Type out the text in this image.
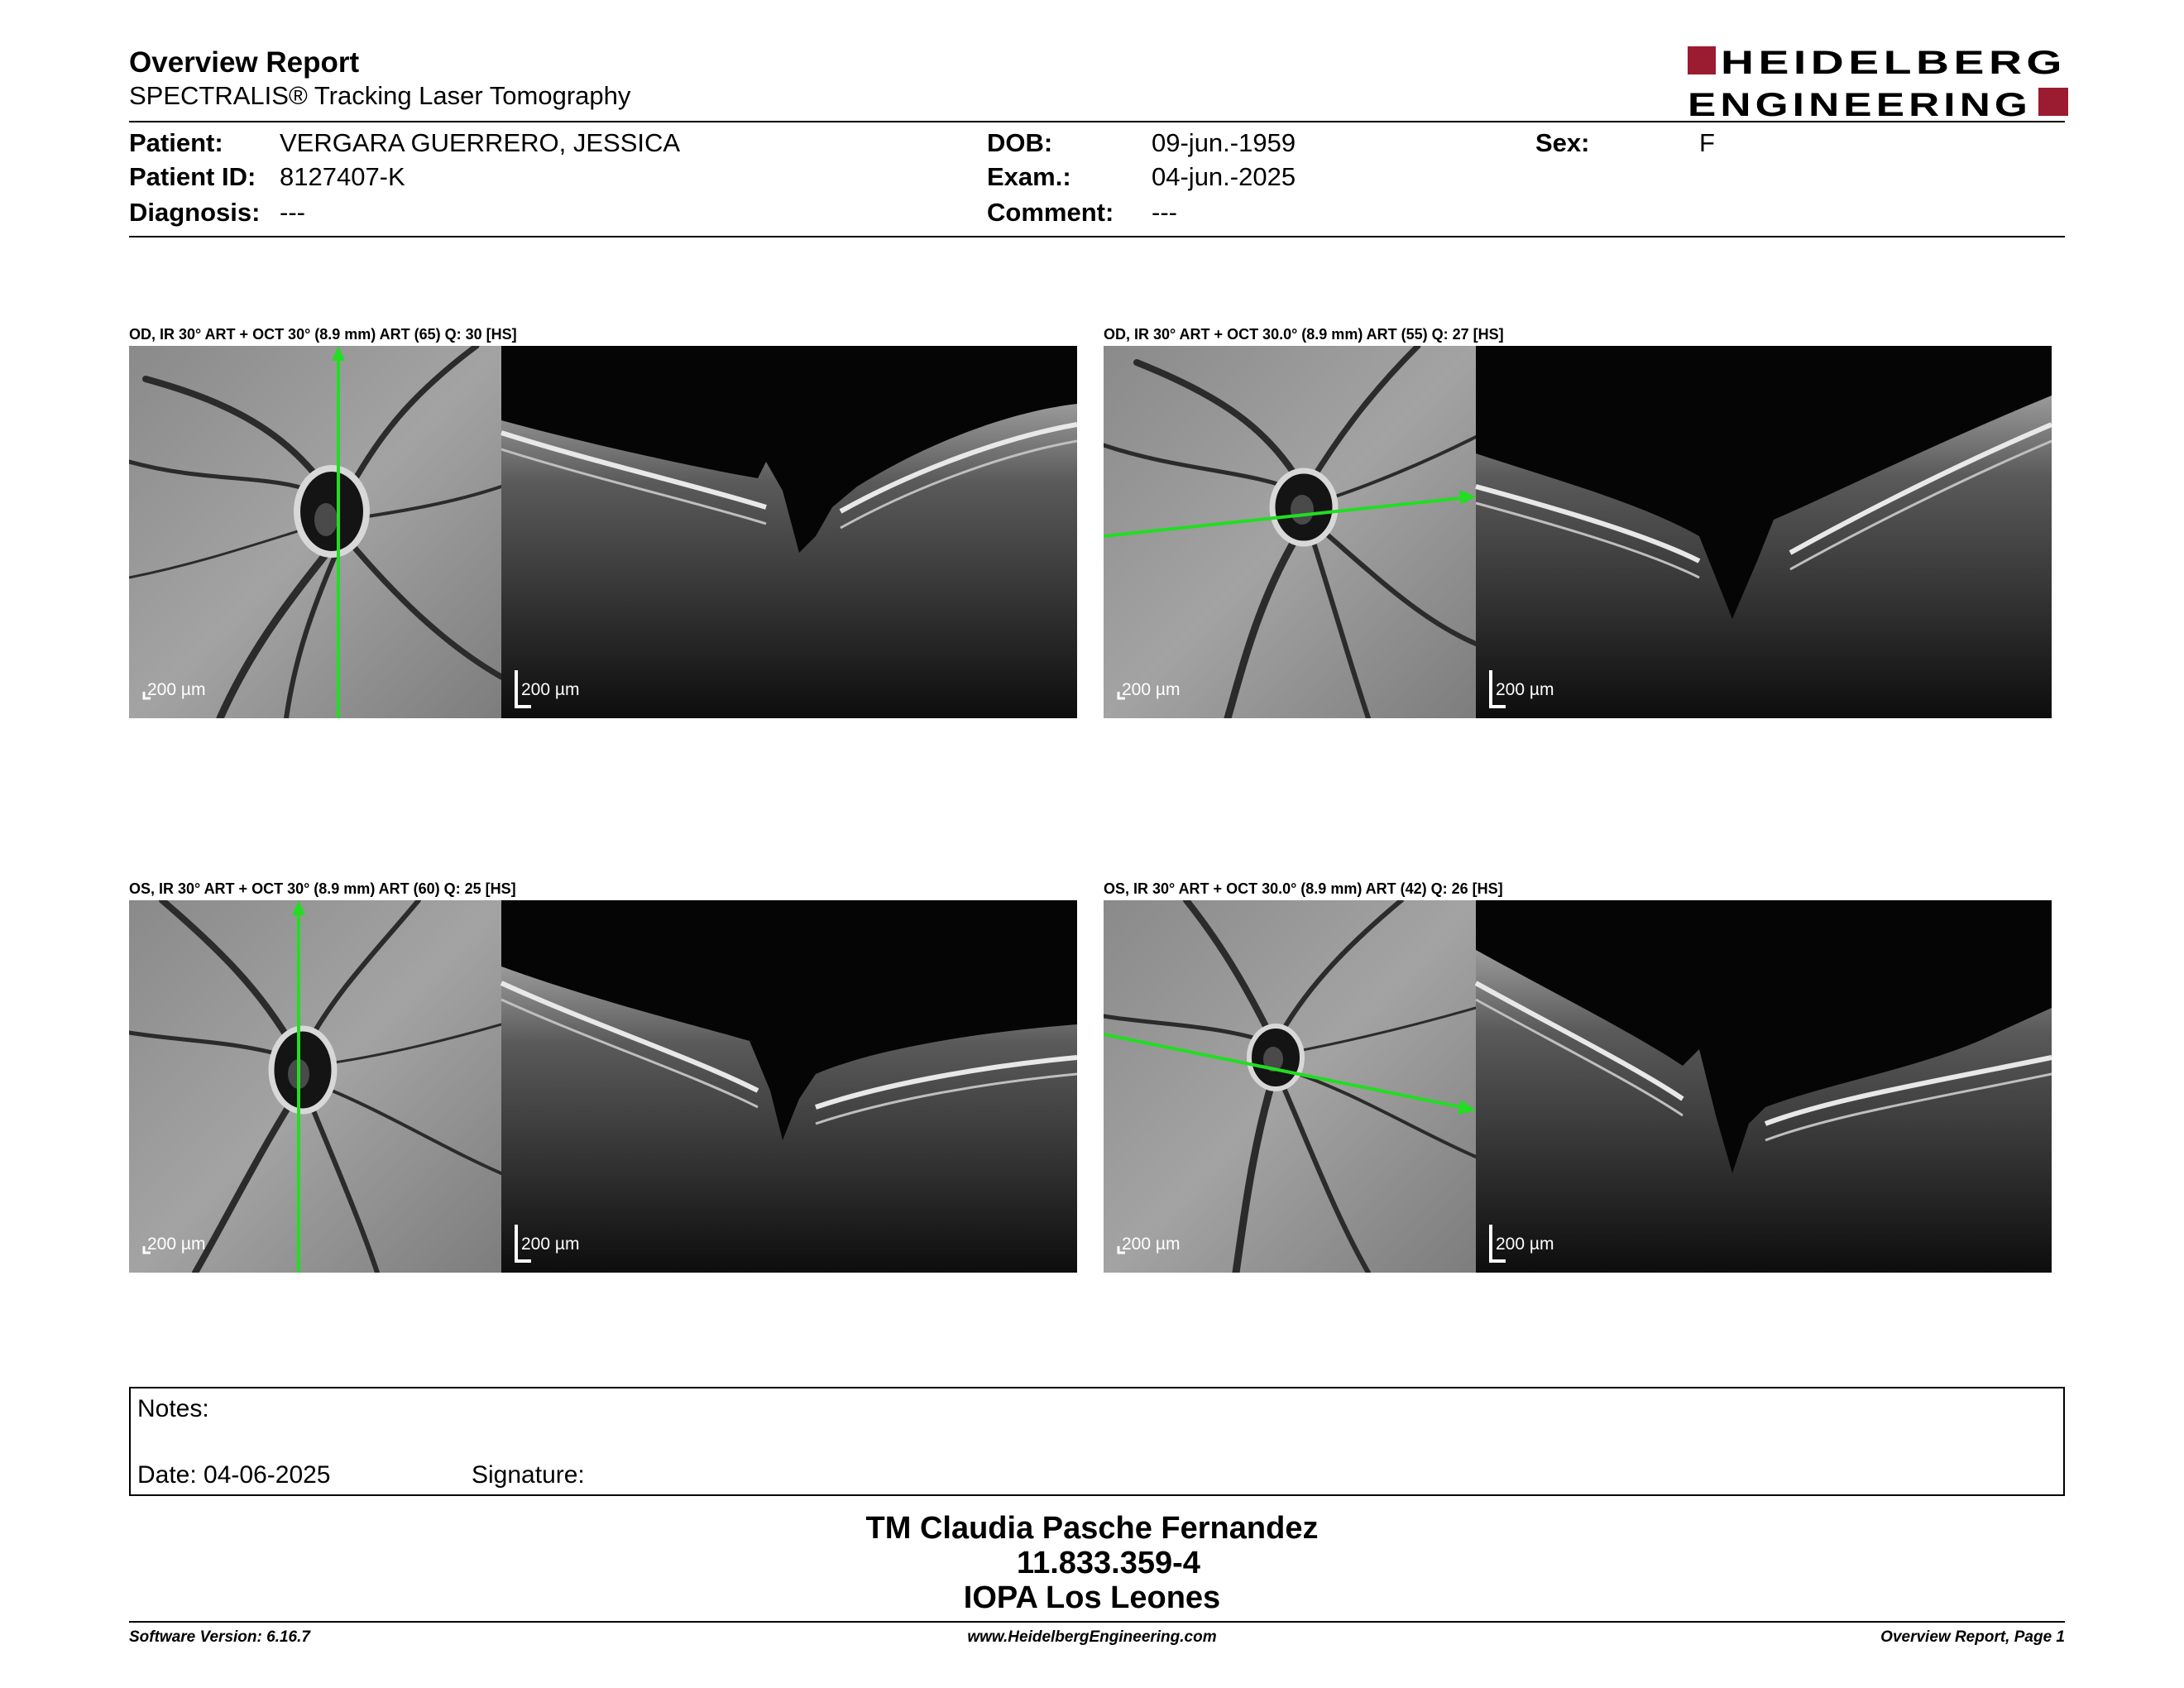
Overview Report
SPECTRALIS® Tracking Laser Tomography
HEIDELBERG
ENGINEERING
Patient: VERGARA GUERRERO, JESSICA
Patient ID: 8127407-K
Diagnosis: ---
DOB:	09-jun.-1959
Exam.:	04-jun.-2025
Comment: ---
Sex:	F
OD, IR 30° ART + OCT 30° (8.9 mm) ART (65) Q: 30 [HS]	OD, IR 30° ART + OCT 30.0° (8.9 mm) ART (55) Q: 27 [HS]
OS, IR 30° ART + OCT 30° (8.9 mm) ART (60) Q: 25 [HS]	OS, IR 30° ART + OCT 30.0° (8.9 mm) ART (42) Q: 26 [HS]
200 µm	200 µm	200 µm	200 µm
200 µm	200 µm	200 µm	200 µm
Notes:
Date: 04-06-2025	Signature:
TM Claudia Pasche Fernandez
11.833.359-4
IOPA Los Leones
Software Version: 6.16.7	www.HeidelbergEngineering.com	Overview Report, Page 1
